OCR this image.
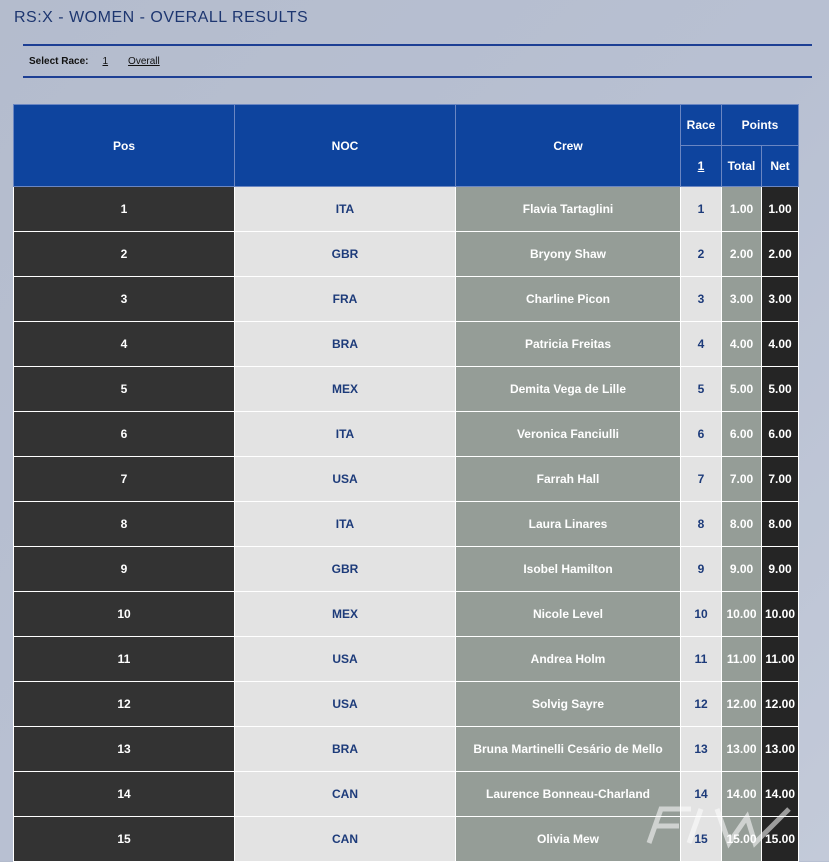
RS:X - WOMEN - OVERALL RESULTS
Select Race: 1 Overall
Pos	NOC	Crew	Race	Points	
			1	Total	Net
1	ITA	Flavia Tartaglini	1	1.00	1.00
2	GBR	Bryony Shaw	2	2.00	2.00
3	FRA	Charline Picon	3	3.00	3.00
4	BRA	Patricia Freitas	4	4.00	4.00
5	MEX	Demita Vega de Lille	5	5.00	5.00
6	ITA	Veronica Fanciulli	6	6.00	6.00
7	USA	Farrah Hall	7	7.00	7.00
8	ITA	Laura Linares	8	8.00	8.00
9	GBR	Isobel Hamilton	9	9.00	9.00
10	MEX	Nicole Level	10	10.00	10.00
11	USA	Andrea Holm	11	11.00	11.00
12	USA	Solvig Sayre	12	12.00	12.00
13	BRA	Bruna Martinelli Cesário de Mello	13	13.00	13.00
14	CAN	Laurence Bonneau-Charland	14	14.00	14.00
15	CAN	Olivia Mew	15	15.00	15.00
